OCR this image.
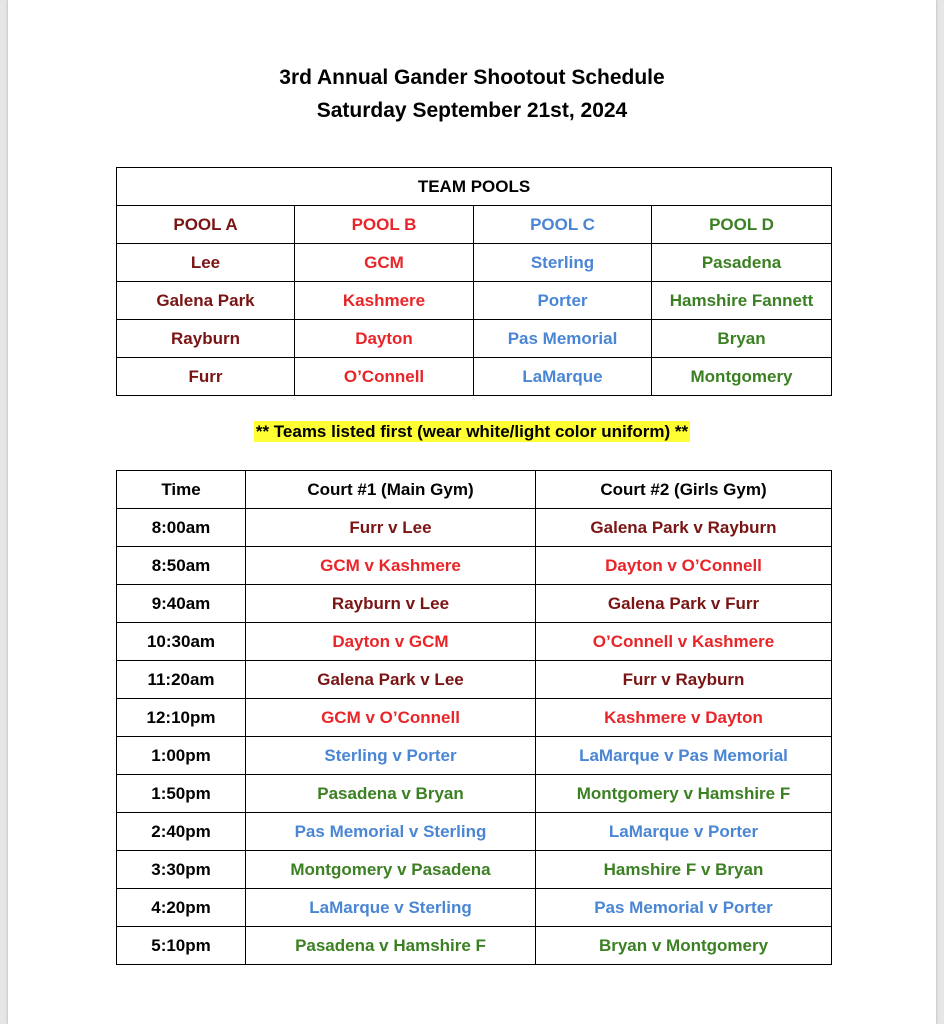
3rd Annual Gander Shootout Schedule
Saturday September 21st, 2024
TEAM POOLS			
POOL A	POOL B	POOL C	POOL D
Lee	GCM	Sterling	Pasadena
Galena Park	Kashmere	Porter	Hamshire Fannett
Rayburn	Dayton	Pas Memorial	Bryan
Furr	O’Connell	LaMarque	Montgomery
** Teams listed first (wear white/light color uniform) **
Time	Court #1 (Main Gym)	Court #2 (Girls Gym)
8:00am	Furr v Lee	Galena Park v Rayburn
8:50am	GCM v Kashmere	Dayton v O’Connell
9:40am	Rayburn v Lee	Galena Park v Furr
10:30am	Dayton v GCM	O’Connell v Kashmere
11:20am	Galena Park v Lee	Furr v Rayburn
12:10pm	GCM v O’Connell	Kashmere v Dayton
1:00pm	Sterling v Porter	LaMarque v Pas Memorial
1:50pm	Pasadena v Bryan	Montgomery v Hamshire F
2:40pm	Pas Memorial v Sterling	LaMarque v Porter
3:30pm	Montgomery v Pasadena	Hamshire F v Bryan
4:20pm	LaMarque v Sterling	Pas Memorial v Porter
5:10pm	Pasadena v Hamshire F	Bryan v Montgomery
